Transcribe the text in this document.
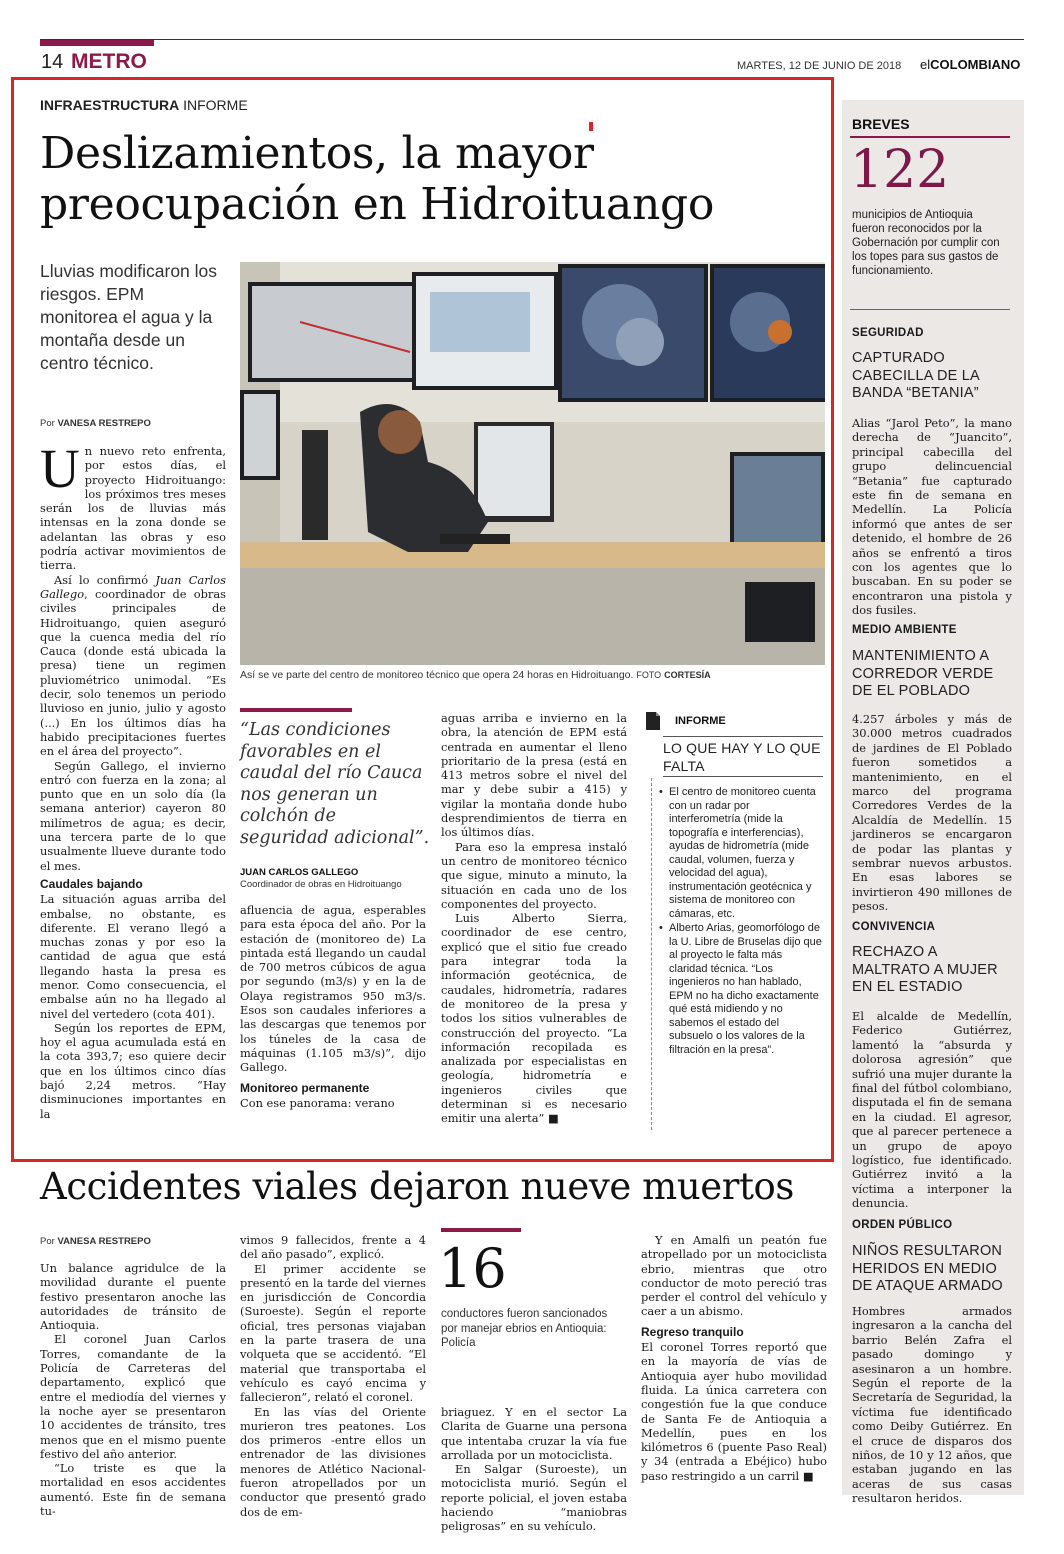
14 METRO	MARTES, 12 DE JUNIO DE 2018 elCOLOMBIANO
INFRAESTRUCTURA INFORME
Deslizamientos, la mayor
preocupación en Hidroituango
Lluvias modificaron los riesgos. EPM monitorea el agua y la montaña desde un centro técnico.
Por VANESA RESTREPO
Así se ve parte del centro de monitoreo técnico que opera 24 horas en Hidroituango. FOTO CORTESÍA

Un nuevo reto enfrenta, por estos días, el proyecto Hidroituango: los próximos tres meses serán los de lluvias más intensas en la zona donde se adelantan las obras y eso podría activar movimientos de tierra.

Así lo confirmó Juan Carlos Gallego, coordinador de obras civiles principales de Hidroituango, quien aseguró que la cuenca media del río Cauca (donde está ubicada la presa) tiene un regimen pluviométrico unimodal. “Es decir, solo tenemos un periodo lluvioso en junio, julio y agosto (...) En los últimos días ha habido precipitaciones fuertes en el área del proyecto”.

Según Gallego, el invierno entró con fuerza en la zona; al punto que en un solo día (la semana anterior) cayeron 80 milímetros de agua; es decir, una tercera parte de lo que usualmente llueve durante todo el mes.

Caudales bajando

La situación aguas arriba del embalse, no obstante, es diferente. El verano llegó a muchas zonas y por eso la cantidad de agua que está llegando hasta la presa es menor. Como consecuencia, el embalse aún no ha llegado al nivel del vertedero (cota 401).

Según los reportes de EPM, hoy el agua acumulada está en la cota 393,7; eso quiere decir que en los últimos cinco días bajó 2,24 metros. “Hay disminuciones importantes en la

“Las condiciones favorables en el caudal del río Cauca nos generan un colchón de seguridad adicional”.
JUAN CARLOS GALLEGO
Coordinador de obras en Hidroituango

afluencia de agua, esperables para esta época del año. Por la estación de (monitoreo de) La pintada está llegando un caudal de 700 metros cúbicos de agua por segundo (m3/s) y en la de Olaya registramos 950 m3/s. Esos son caudales inferiores a las descargas que tenemos por los túneles de la casa de máquinas (1.105 m3/s)”, dijo Gallego.

Monitoreo permanente

Con ese panorama: verano

aguas arriba e invierno en la obra, la atención de EPM está centrada en aumentar el lleno prioritario de la presa (está en 413 metros sobre el nivel del mar y debe subir a 415) y vigilar la montaña donde hubo desprendimientos de tierra en los últimos días.

Para eso la empresa instaló un centro de monitoreo técnico que sigue, minuto a minuto, la situación en cada uno de los componentes del proyecto.

Luis Alberto Sierra, coordinador de ese centro, explicó que el sitio fue creado para integrar toda la información geotécnica, de caudales, hidrometría, radares de monitoreo de la presa y todos los sitios vulnerables de construcción del proyecto. “La información recopilada es analizada por especialistas en geología, hidrometría e ingenieros civiles que determinan si es necesario emitir una alerta” ■

INFORME
LO QUE HAY Y LO QUE FALTA
• El centro de monitoreo cuenta con un radar por interferometría (mide la topografía e interferencias), ayudas de hidrometría (mide caudal, volumen, fuerza y velocidad del agua), instrumentación geotécnica y sistema de monitoreo con cámaras, etc.
• Alberto Arias, geomorfólogo de la U. Libre de Bruselas dijo que al proyecto le falta más claridad técnica. “Los ingenieros no han hablado, EPM no ha dicho exactamente qué está midiendo y no sabemos el estado del subsuelo o los valores de la filtración en la presa”.
BREVES
122
municipios de Antioquia fueron reconocidos por la Gobernación por cumplir con los topes para sus gastos de funcionamiento.
SEGURIDAD
CAPTURADO CABECILLA DE LA BANDA “BETANIA”
Alias “Jarol Peto”, la mano derecha de “Juancito”, principal cabecilla del grupo delincuencial “Betania” fue capturado este fin de semana en Medellín. La Policía informó que antes de ser detenido, el hombre de 26 años se enfrentó a tiros con los agentes que lo buscaban. En su poder se encontraron una pistola y dos fusiles.
MEDIO AMBIENTE
MANTENIMIENTO A CORREDOR VERDE DE EL POBLADO
4.257 árboles y más de 30.000 metros cuadrados de jardines de El Poblado fueron sometidos a mantenimiento, en el marco del programa Corredores Verdes de la Alcaldía de Medellín. 15 jardineros se encargaron de podar las plantas y sembrar nuevos arbustos. En esas labores se invirtieron 490 millones de pesos.
CONVIVENCIA
RECHAZO A MALTRATO A MUJER EN EL ESTADIO
El alcalde de Medellín, Federico Gutiérrez, lamentó la “absurda y dolorosa agresión” que sufrió una mujer durante la final del fútbol colombiano, disputada el fin de semana en la ciudad. El agresor, que al parecer pertenece a un grupo de apoyo logístico, fue identificado. Gutiérrez invitó a la víctima a interponer la denuncia.
ORDEN PÚBLICO
NIÑOS RESULTARON HERIDOS EN MEDIO DE ATAQUE ARMADO
Hombres armados ingresaron a la cancha del barrio Belén Zafra el pasado domingo y asesinaron a un hombre. Según el reporte de la Secretaría de Seguridad, la víctima fue identificado como Deiby Gutiérrez. En el cruce de disparos dos niños, de 10 y 12 años, que estaban jugando en las aceras de sus casas resultaron heridos.
Accidentes viales dejaron nueve muertos
Por VANESA RESTREPO

Un balance agridulce de la movilidad durante el puente festivo presentaron anoche las autoridades de tránsito de Antioquia.

El coronel Juan Carlos Torres, comandante de la Policía de Carreteras del departamento, explicó que entre el mediodía del viernes y la noche ayer se presentaron 10 accidentes de tránsito, tres menos que en el mismo puente festivo del año anterior.

“Lo triste es que la mortalidad en esos accidentes aumentó. Este fin de semana tu-

vimos 9 fallecidos, frente a 4 del año pasado”, explicó.

El primer accidente se presentó en la tarde del viernes en jurisdicción de Concordia (Suroeste). Según el reporte oficial, tres personas viajaban en la parte trasera de una volqueta que se accidentó. “El material que transportaba el vehículo es cayó encima y fallecieron”, relató el coronel.

En las vías del Oriente murieron tres peatones. Los dos primeros -entre ellos un entrenador de las divisiones menores de Atlético Nacional- fueron atropellados por un conductor que presentó grado dos de em-

16
conductores fueron sancionados por manejar ebrios en Antioquia: Policía

briaguez. Y en el sector La Clarita de Guarne una persona que intentaba cruzar la vía fue arrollada por un motociclista.

En Salgar (Suroeste), un motociclista murió. Según el reporte policial, el joven estaba haciendo “maniobras peligrosas” en su vehículo.

Y en Amalfi un peatón fue atropellado por un motociclista ebrio, mientras que otro conductor de moto pereció tras perder el control del vehículo y caer a un abismo.

Regreso tranquilo

El coronel Torres reportó que en la mayoría de vías de Antioquia ayer hubo movilidad fluida. La única carretera con congestión fue la que conduce de Santa Fe de Antioquia a Medellín, pues en los kilómetros 6 (puente Paso Real) y 34 (entrada a Ebéjico) hubo paso restringido a un carril ■
